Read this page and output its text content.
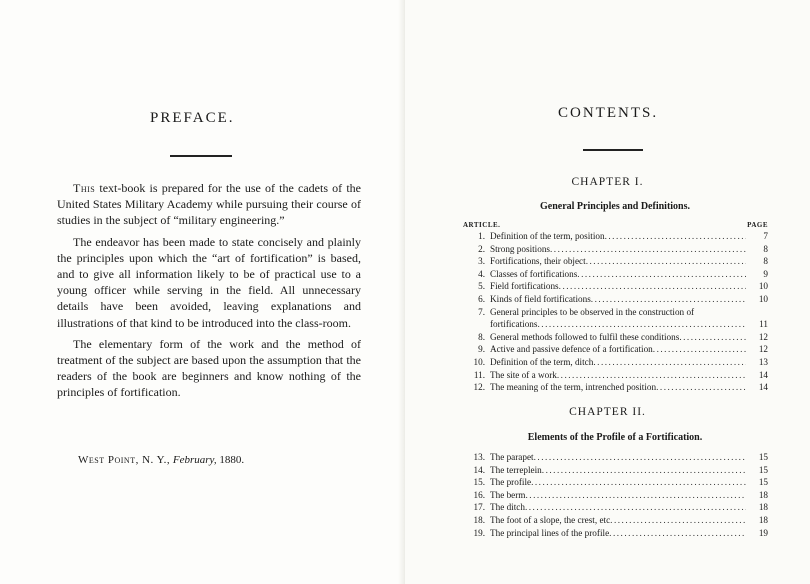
PREFACE.

This text-book is prepared for the use of the cadets of the United States Military Academy while pursuing their course of studies in the subject of “military engineering.”

The endeavor has been made to state concisely and plainly the principles upon which the “art of fortification” is based, and to give all information likely to be of practical use to a young officer while serving in the field. All unnecessary details have been avoided, leaving explanations and illustrations of that kind to be introduced into the class-room.

The elementary form of the work and the method of treatment of the subject are based upon the assumption that the readers of the book are beginners and know nothing of the principles of fortification.

West Point, N. Y., February, 1880.
CONTENTS.
CHAPTER I.
General Principles and Definitions.
ARTICLE.	PAGE
1. Definition of the term, position .....	7
2. Strong positions .....	8
3. Fortifications, their object .....	8
4. Classes of fortifications .....	9
5. Field fortifications .....	10
6. Kinds of field fortifications .....	10
7. General principles to be observed in the construction of
fortifications .....	11
8. General methods followed to fulfil these conditions .....	12
9. Active and passive defence of a fortification .....	12
10. Definition of the term, ditch .....	13
11. The site of a work .....	14
12. The meaning of the term, intrenched position .....	14
CHAPTER II.
Elements of the Profile of a Fortification.
13. The parapet .....	15
14. The terreplein .....	15
15. The profile .....	15
16. The berm .....	18
17. The ditch .....	18
18. The foot of a slope, the crest, etc .....	18
19. The principal lines of the profile .....	19
